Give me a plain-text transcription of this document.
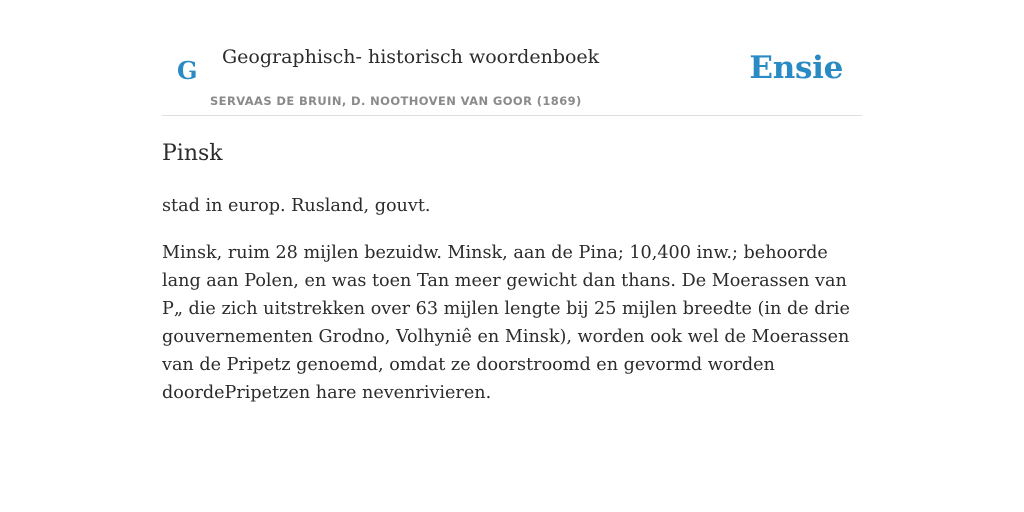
G Geographisch- historisch woordenboek
SERVAAS DE BRUIN, D. NOOTHOVEN VAN GOOR (1869)
Ensie
Pinsk

stad in europ. Rusland, gouvt.

Minsk, ruim 28 mijlen bezuidw. Minsk, aan de Pina; 10,400 inw.; behoorde lang aan Polen, en was toen Tan meer gewicht dan thans. De Moerassen van P„ die zich uitstrekken over 63 mijlen lengte bij 25 mijlen breedte (in de drie gouvernementen Grodno, Volhyniê en Minsk), worden ook wel de Moerassen van de Pripetz genoemd, omdat ze doorstroomd en gevormd worden doordePripetzen hare nevenrivieren.
